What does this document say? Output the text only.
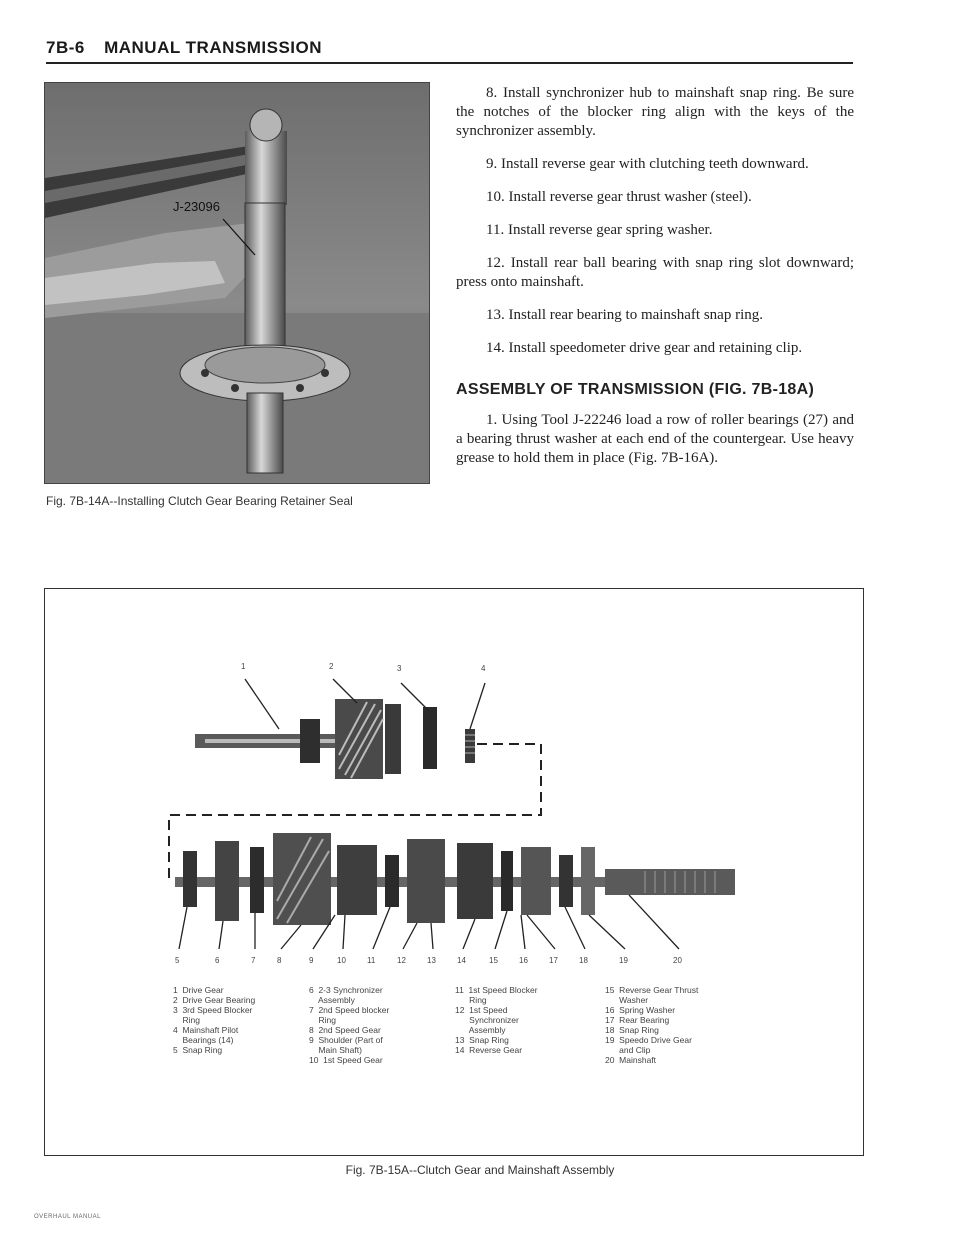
7B-6 MANUAL TRANSMISSION
J-23096
Fig. 7B-14A--Installing Clutch Gear Bearing Retainer Seal

8. Install synchronizer hub to mainshaft snap ring. Be sure the notches of the blocker ring align with the keys of the synchronizer assembly.

9. Install reverse gear with clutching teeth downward.

10. Install reverse gear thrust washer (steel).

11. Install reverse gear spring washer.

12. Install rear ball bearing with snap ring slot downward; press onto mainshaft.

13. Install rear bearing to mainshaft snap ring.

14. Install speedometer drive gear and retaining clip.

ASSEMBLY OF TRANSMISSION (FIG. 7B-18A)

1. Using Tool J-22246 load a row of roller bearings (27) and a bearing thrust washer at each end of the countergear. Use heavy grease to hold them in place (Fig. 7B-16A).

1	2	3	4
5	6	7	8	9	10	11	12	13	14	15	16	17	18	19	20
1  Drive Gear
2  Drive Gear Bearing
3  3rd Speed Blocker
Ring
4  Mainshaft Pilot
Bearings (14)
5  Snap Ring
6  2-3 Synchronizer
Assembly
7  2nd Speed blocker
Ring
8  2nd Speed Gear
9  Shoulder (Part of
Main Shaft)
10  1st Speed Gear
11  1st Speed Blocker
Ring
12  1st Speed
Synchronizer
Assembly
13  Snap Ring
14  Reverse Gear
15  Reverse Gear Thrust
Washer
16  Spring Washer
17  Rear Bearing
18  Snap Ring
19  Speedo Drive Gear
and Clip
20  Mainshaft
Fig. 7B-15A--Clutch Gear and Mainshaft Assembly
OVERHAUL MANUAL
